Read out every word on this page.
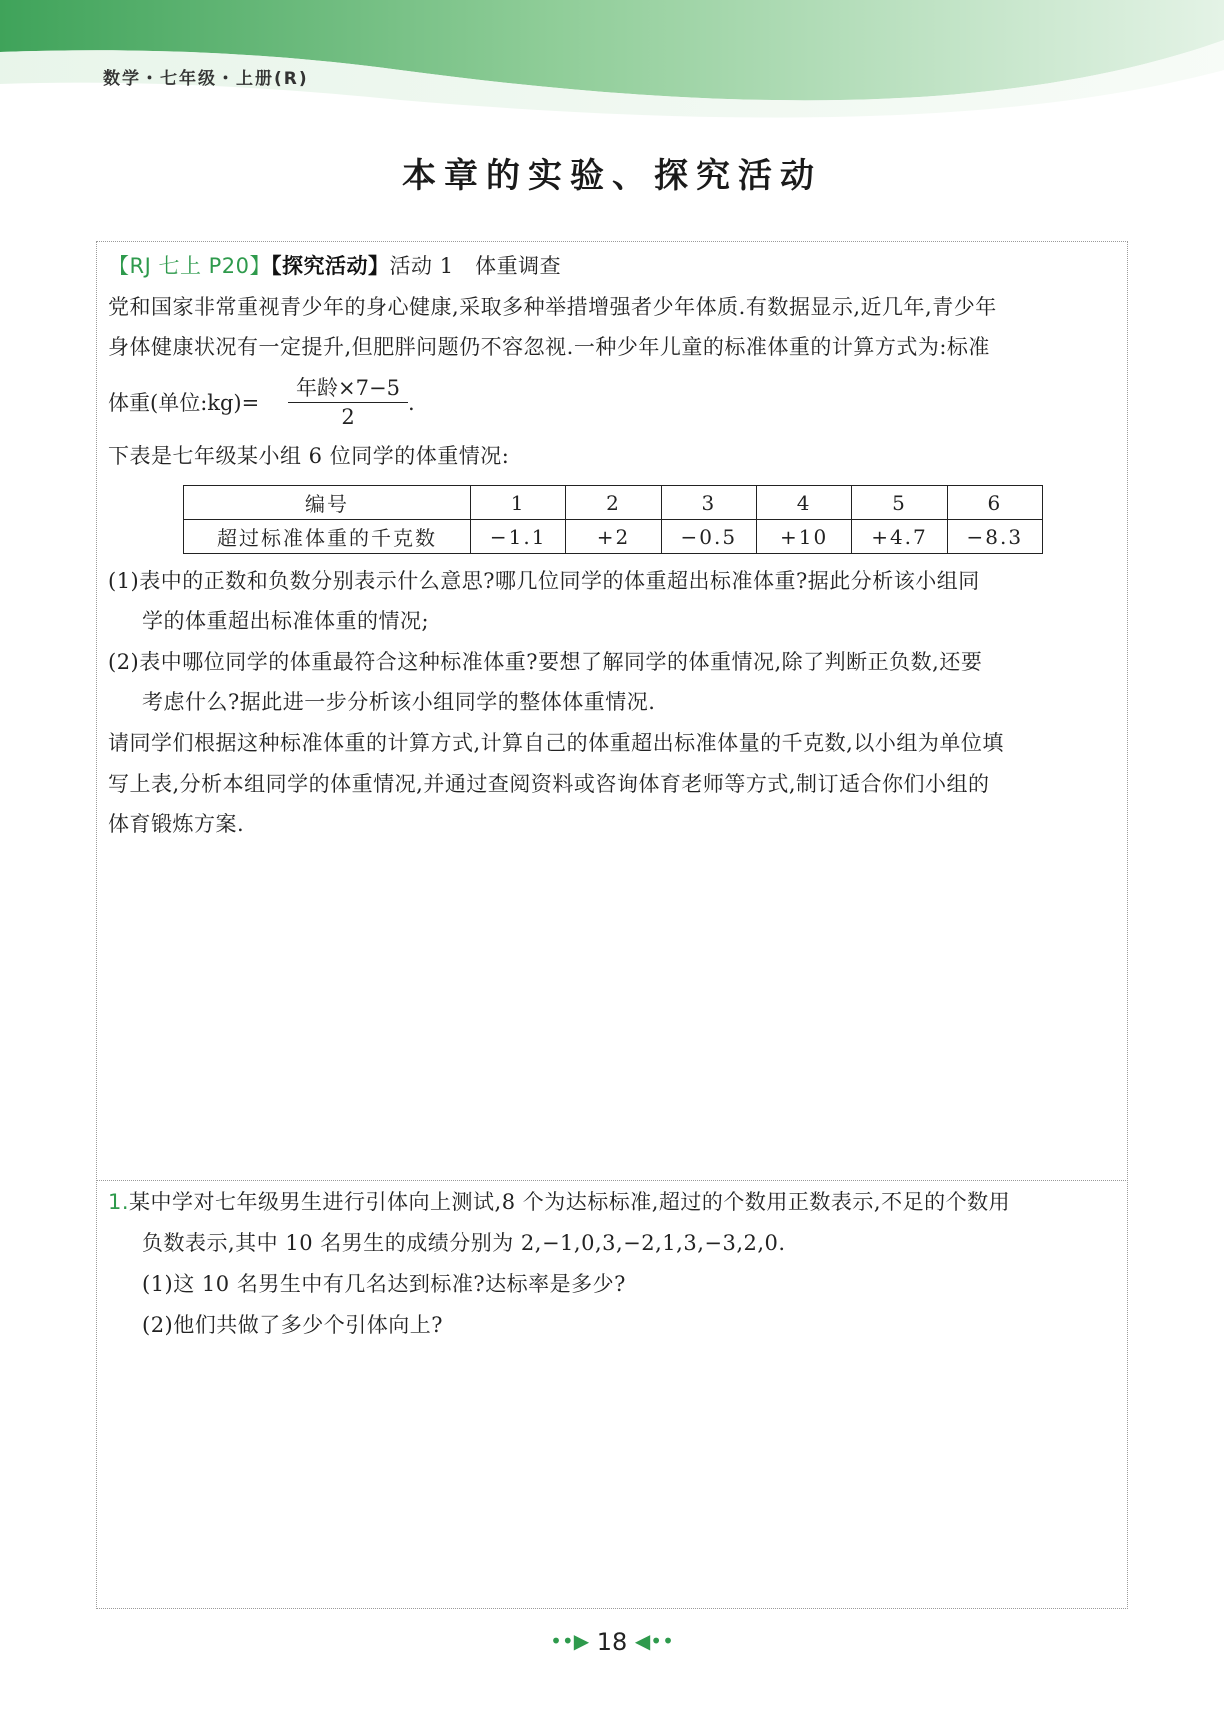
数学・七年级・上册(R)
本章的实验、探究活动
【RJ 七上 P20】【探究活动】活动 1　体重调查
党和国家非常重视青少年的身心健康,采取多种举措增强者少年体质.有数据显示,近几年,青少年
身体健康状况有一定提升,但肥胖问题仍不容忽视.一种少年儿童的标准体重的计算方式为:标准
体重(单位:kg)=
年龄×7−5
2
.
下表是七年级某小组 6 位同学的体重情况:
编号	1	2	3	4	5	6
超过标准体重的千克数	−1.1	+2	−0.5	+10	+4.7	−8.3
(1)表中的正数和负数分别表示什么意思?哪几位同学的体重超出标准体重?据此分析该小组同
学的体重超出标准体重的情况;
(2)表中哪位同学的体重最符合这种标准体重?要想了解同学的体重情况,除了判断正负数,还要
考虑什么?据此进一步分析该小组同学的整体体重情况.
请同学们根据这种标准体重的计算方式,计算自己的体重超出标准体量的千克数,以小组为单位填
写上表,分析本组同学的体重情况,并通过查阅资料或咨询体育老师等方式,制订适合你们小组的
体育锻炼方案.
1.某中学对七年级男生进行引体向上测试,8 个为达标标准,超过的个数用正数表示,不足的个数用
负数表示,其中 10 名男生的成绩分别为 2,−1,0,3,−2,1,3,−3,2,0.
(1)这 10 名男生中有几名达到标准?达标率是多少?
(2)他们共做了多少个引体向上?
••▶ 18 ◀••
